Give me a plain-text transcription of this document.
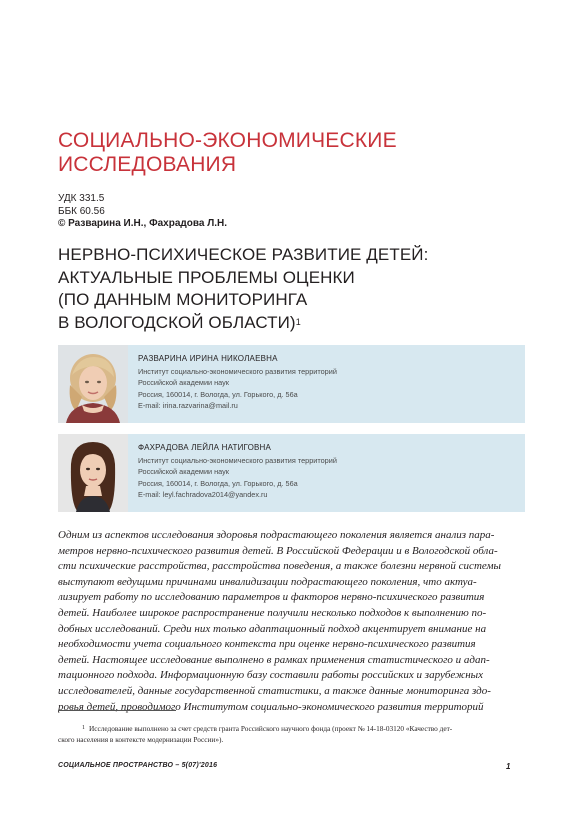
СОЦИАЛЬНО-ЭКОНОМИЧЕСКИЕ
ИССЛЕДОВАНИЯ
УДК 331.5
ББК 60.56
© Разварина И.Н., Фахрадова Л.Н.
НЕРВНО-ПСИХИЧЕСКОЕ РАЗВИТИЕ ДЕТЕЙ:
АКТУАЛЬНЫЕ ПРОБЛЕМЫ ОЦЕНКИ
(ПО ДАННЫМ МОНИТОРИНГА
В ВОЛОГОДСКОЙ ОБЛАСТИ)$^1$
РАЗВАРИНА ИРИНА НИКОЛАЕВНА
Институт социально-экономического развития территорий
Российской академии наук
Россия, 160014, г. Вологда, ул. Горького, д. 56а
E-mail: irina.razvarina@mail.ru
ФАХРАДОВА ЛЕЙЛА НАТИГОВНА
Институт социально-экономического развития территорий
Российской академии наук
Россия, 160014, г. Вологда, ул. Горького, д. 56а
E-mail: leyl.fachradova2014@yandex.ru
Одним из аспектов исследования здоровья подрастающего поколения является анализ пара-
метров нервно-психического развития детей. В Российской Федерации и в Вологодской обла-
сти психические расстройства, расстройства поведения, а также болезни нервной системы
выступают ведущими причинами инвалидизации подрастающего поколения, что актуа-
лизирует работу по исследованию параметров и факторов нервно-психического развития
детей. Наиболее широкое распространение получили несколько подходов к выполнению по-
добных исследований. Среди них только адаптационный подход акцентирует внимание на
необходимости учета социального контекста при оценке нервно-психического развития
детей. Настоящее исследование выполнено в рамках применения статистического и адап-
тационного подхода. Информационную базу составили работы российских и зарубежных
исследователей, данные государственной статистики, а также данные мониторинга здо-
ровья детей, проводимого Институтом социально-экономического развития территорий
1 Исследование выполнено за счет средств гранта Российского научного фонда (проект № 14-18-03120 «Качество дет-
ского населения в контексте модернизации России»).
СОЦИАЛЬНОЕ ПРОСТРАНСТВО – 5(07)'2016	1
